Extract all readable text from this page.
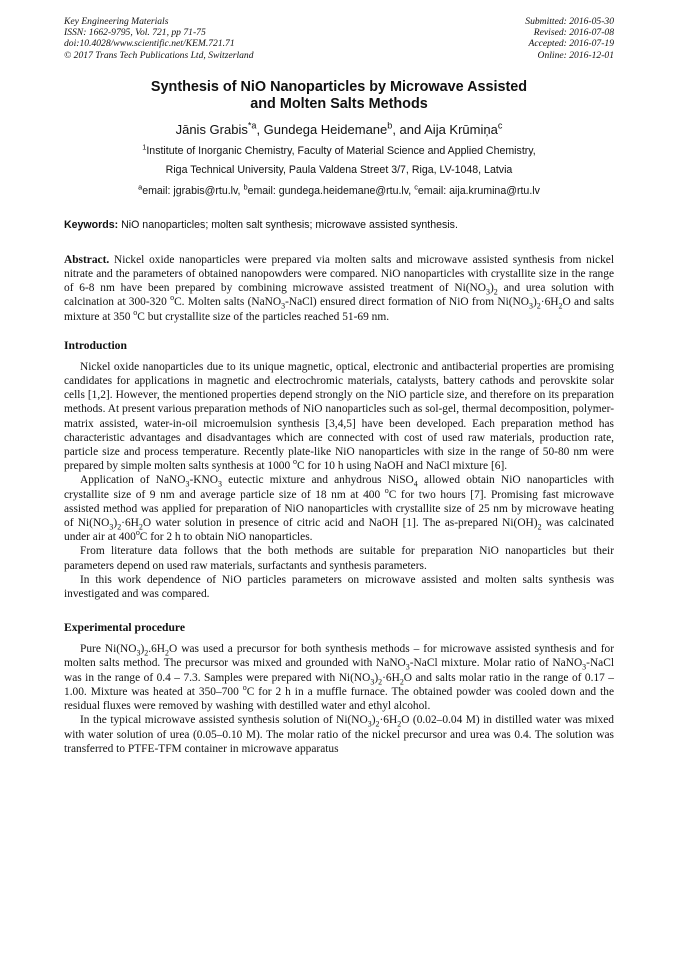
Key Engineering Materials
ISSN: 1662-9795, Vol. 721, pp 71-75
doi:10.4028/www.scientific.net/KEM.721.71
© 2017 Trans Tech Publications Ltd, Switzerland
Submitted: 2016-05-30
Revised: 2016-07-08
Accepted: 2016-07-19
Online: 2016-12-01
Synthesis of NiO Nanoparticles by Microwave Assisted
and Molten Salts Methods
Jānis Grabis$^{*a}$, Gundega Heidemane$^b$, and Aija Krūmiņa$^c$
$^1$Institute of Inorganic Chemistry, Faculty of Material Science and Applied Chemistry,
Riga Technical University, Paula Valdena Street 3/7, Riga, LV-1048, Latvia
$^a$email: jgrabis@rtu.lv, $^b$email: gundega.heidemane@rtu.lv, $^c$email: aija.krumina@rtu.lv
Keywords: NiO nanoparticles; molten salt synthesis; microwave assisted synthesis.

Abstract. Nickel oxide nanoparticles were prepared via molten salts and microwave assisted synthesis from nickel nitrate and the parameters of obtained nanopowders were compared. NiO nanoparticles with crystallite size in the range of 6-8 nm have been prepared by combining microwave assisted treatment of $Ni(NO_3)_2$ and urea solution with calcination at 300-320 $^o$C. Molten salts (NaNO$_3$-NaCl) ensured direct formation of NiO from $Ni(NO_3)_2\cdot 6H_2O$ and salts mixture at 350 $^o$C but crystallite size of the particles reached 51-69 nm.

Introduction

Nickel oxide nanoparticles due to its unique magnetic, optical, electronic and antibacterial properties are promising candidates for applications in magnetic and electrochromic materials, catalysts, battery cathods and perovskite solar cells [1,2]. However, the mentioned properties depend strongly on the NiO particle size, and therefore on its preparation methods. At present various preparation methods of NiO nanoparticles such as sol-gel, thermal decomposition, polymer-matrix assisted, water-in-oil microemulsion synthesis [3,4,5] have been developed. Each preparation method has characteristic advantages and disadvantages which are connected with cost of used raw materials, production rate, particle size and process temperature. Recently plate-like NiO nanoparticles with size in the range of 50-80 nm were prepared by simple molten salts synthesis at 1000 $^o$C for 10 h using NaOH and NaCl mixture [6].

Application of $NaNO_3-KNO_3$ eutectic mixture and anhydrous NiSO$_4$ allowed obtain NiO nanoparticles with crystallite size of 9 nm and average particle size of 18 nm at 400 $^o$C for two hours [7]. Promising fast microwave assisted method was applied for preparation of NiO nanoparticles with crystallite size of 25 nm by microwave heating of $Ni(NO_3)_2\cdot 6H_2O$ water solution in presence of citric acid and NaOH [1]. The as-prepared $Ni(OH)_2$ was calcinated under air at 400$^o$C for 2 h to obtain NiO nanoparticles.

From literature data follows that the both methods are suitable for preparation NiO nanoparticles but their parameters depend on used raw materials, surfactants and synthesis parameters.

In this work dependence of NiO particles parameters on microwave assisted and molten salts synthesis was investigated and was compared.

Experimental procedure

Pure $Ni(NO_3)_2.6H_2O$ was used a precursor for both synthesis methods – for microwave assisted synthesis and for molten salts method. The precursor was mixed and grounded with NaNO$_3$-NaCl mixture. Molar ratio of NaNO$_3$-NaCl was in the range of 0.4 – 7.3. Samples were prepared with $Ni(NO_3)_2\cdot 6H_2O$ and salts molar ratio in the range of 0.17 – 1.00. Mixture was heated at 350–700 $^o$C for 2 h in a muffle furnace. The obtained powder was cooled down and the residual fluxes were removed by washing with destilled water and ethyl alcohol.

In the typical microwave assisted synthesis solution of $Ni(NO_3)_2\cdot 6H_2O$ (0.02–0.04 M) in distilled water was mixed with water solution of urea (0.05–0.10 M). The molar ratio of the nickel precursor and urea was 0.4. The solution was transferred to PTFE-TFM container in microwave apparatus
